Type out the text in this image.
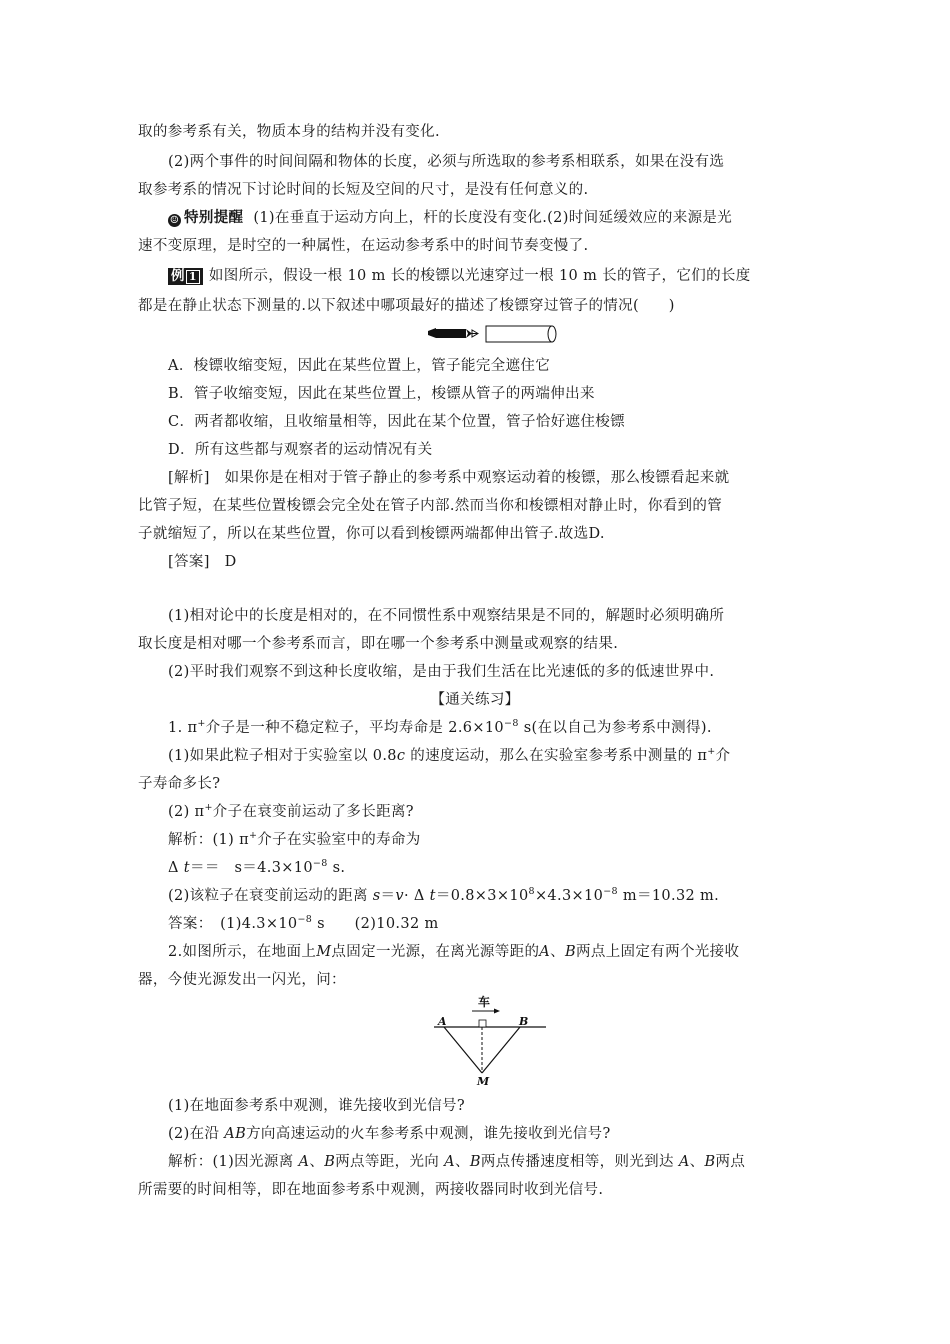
取的参考系有关，物质本身的结构并没有变化.
(2)两个事件的时间间隔和物体的长度，必须与所选取的参考系相联系，如果在没有选
取参考系的情况下讨论时间的长短及空间的尺寸，是没有任何意义的.
☺ 特别提醒 (1)在垂直于运动方向上，杆的长度没有变化.(2)时间延缓效应的来源是光
速不变原理，是时空的一种属性，在运动参考系中的时间节奏变慢了.
例 1 如图所示，假设一根 10 m 长的梭镖以光速穿过一根 10 m 长的管子，它们的长度
都是在静止状态下测量的.以下叙述中哪项最好的描述了梭镖穿过管子的情况(　　)
A．梭镖收缩变短，因此在某些位置上，管子能完全遮住它
B．管子收缩变短，因此在某些位置上，梭镖从管子的两端伸出来
C．两者都收缩，且收缩量相等，因此在某个位置，管子恰好遮住梭镖
D．所有这些都与观察者的运动情况有关
[解析]　如果你是在相对于管子静止的参考系中观察运动着的梭镖，那么梭镖看起来就
比管子短，在某些位置梭镖会完全处在管子内部.然而当你和梭镖相对静止时，你看到的管
子就缩短了，所以在某些位置，你可以看到梭镖两端都伸出管子.故选D.
[答案]　D
(1)相对论中的长度是相对的，在不同惯性系中观察结果是不同的，解题时必须明确所
取长度是相对哪一个参考系而言，即在哪一个参考系中测量或观察的结果.
(2)平时我们观察不到这种长度收缩，是由于我们生活在比光速低的多的低速世界中.
【通关练习】
1. π+介子是一种不稳定粒子，平均寿命是 $2.6\times 10^{-8}$ s(在以自己为参考系中测得).
(1)如果此粒子相对于实验室以 0.8c 的速度运动，那么在实验室参考系中测量的 π+介
子寿命多长?
(2) π+介子在衰变前运动了多长距离?
解析：(1) π+介子在实验室中的寿命为
Δ t＝＝　$s=4.3\times 10^{-8}$ s.
(2)该粒子在衰变前运动的距离 s＝v· Δ $t=0.8\times 3\times 10^8\times 4.3\times 10^{-8}$ m＝10.32 m.
答案：　$(1)4.3\times 10^{-8}$ s　　(2)10.32 m
2.如图所示，在地面上M点固定一光源，在离光源等距的A、B两点上固定有两个光接收
器，今使光源发出一闪光，问：
车
A	B
M
(1)在地面参考系中观测，谁先接收到光信号?
(2)在沿 AB方向高速运动的火车参考系中观测，谁先接收到光信号?
解析：(1)因光源离 A、B两点等距，光向 A、B两点传播速度相等，则光到达 A、B两点
所需要的时间相等，即在地面参考系中观测，两接收器同时收到光信号.
